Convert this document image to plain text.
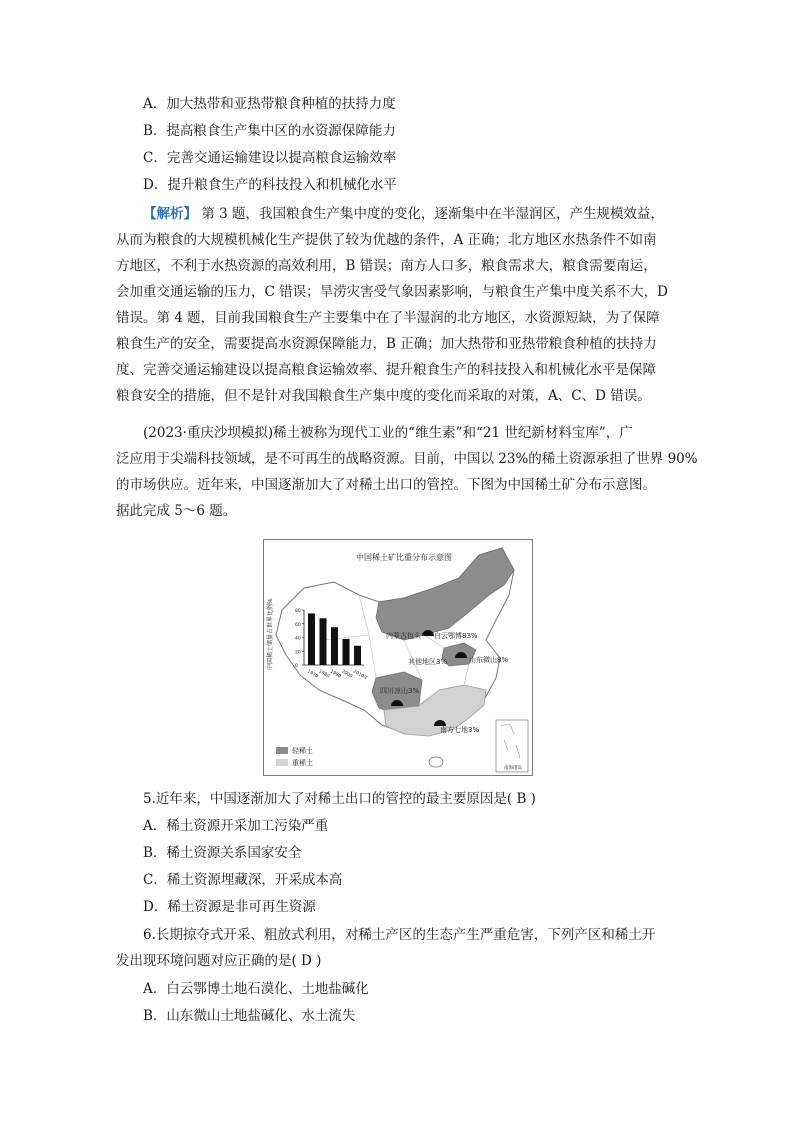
A．加大热带和亚热带粮食种植的扶持力度
B．提高粮食生产集中区的水资源保障能力
C．完善交通运输建设以提高粮食运输效率
D．提升粮食生产的科技投入和机械化水平
【解析】 第 3 题，我国粮食生产集中度的变化，逐渐集中在半湿润区，产生规模效益，
从而为粮食的大规模机械化生产提供了较为优越的条件，A 正确；北方地区水热条件不如南
方地区，不利于水热资源的高效利用，B 错误；南方人口多，粮食需求大，粮食需要南运，
会加重交通运输的压力，C 错误；旱涝灾害受气象因素影响，与粮食生产集中度关系不大，D
错误。第 4 题，目前我国粮食生产主要集中在了半湿润的北方地区，水资源短缺，为了保障
粮食生产的安全，需要提高水资源保障能力，B 正确；加大热带和亚热带粮食种植的扶持力
度、完善交通运输建设以提高粮食运输效率、提升粮食生产的科技投入和机械化水平是保障
粮食安全的措施，但不是针对我国粮食生产集中度的变化而采取的对策，A、C、D 错误。
(2023·重庆沙坝模拟)稀土被称为现代工业的“维生素”和“21 世纪新材料宝库”，广
泛应用于尖端科技领域，是不可再生的战略资源。目前，中国以 23%的稀土资源承担了世界 90%
的市场供应。近年来，中国逐渐加大了对稀土出口的管控。下图为中国稀土矿分布示意图。
据此完成 5～6 题。
中国稀土矿比重分布示意图
内蒙古包头 白云鄂博83%
山东微山8%
其他地区3%
四川凉山3%
南方七地3%
中国稀土储量占世界比例%	0
20
40
60
80
1970 1980 1990 2000 2010年
轻稀土
重稀土
南海诸岛
5.近年来，中国逐渐加大了对稀土出口的管控的最主要原因是( B )
A．稀土资源开采加工污染严重
B．稀土资源关系国家安全
C．稀土资源埋藏深，开采成本高
D．稀土资源是非可再生资源
6.长期掠夺式开采、粗放式利用，对稀土产区的生态产生严重危害，下列产区和稀土开
发出现环境问题对应正确的是( D )
A．白云鄂博土地石漠化、土地盐碱化
B．山东微山土地盐碱化、水土流失
